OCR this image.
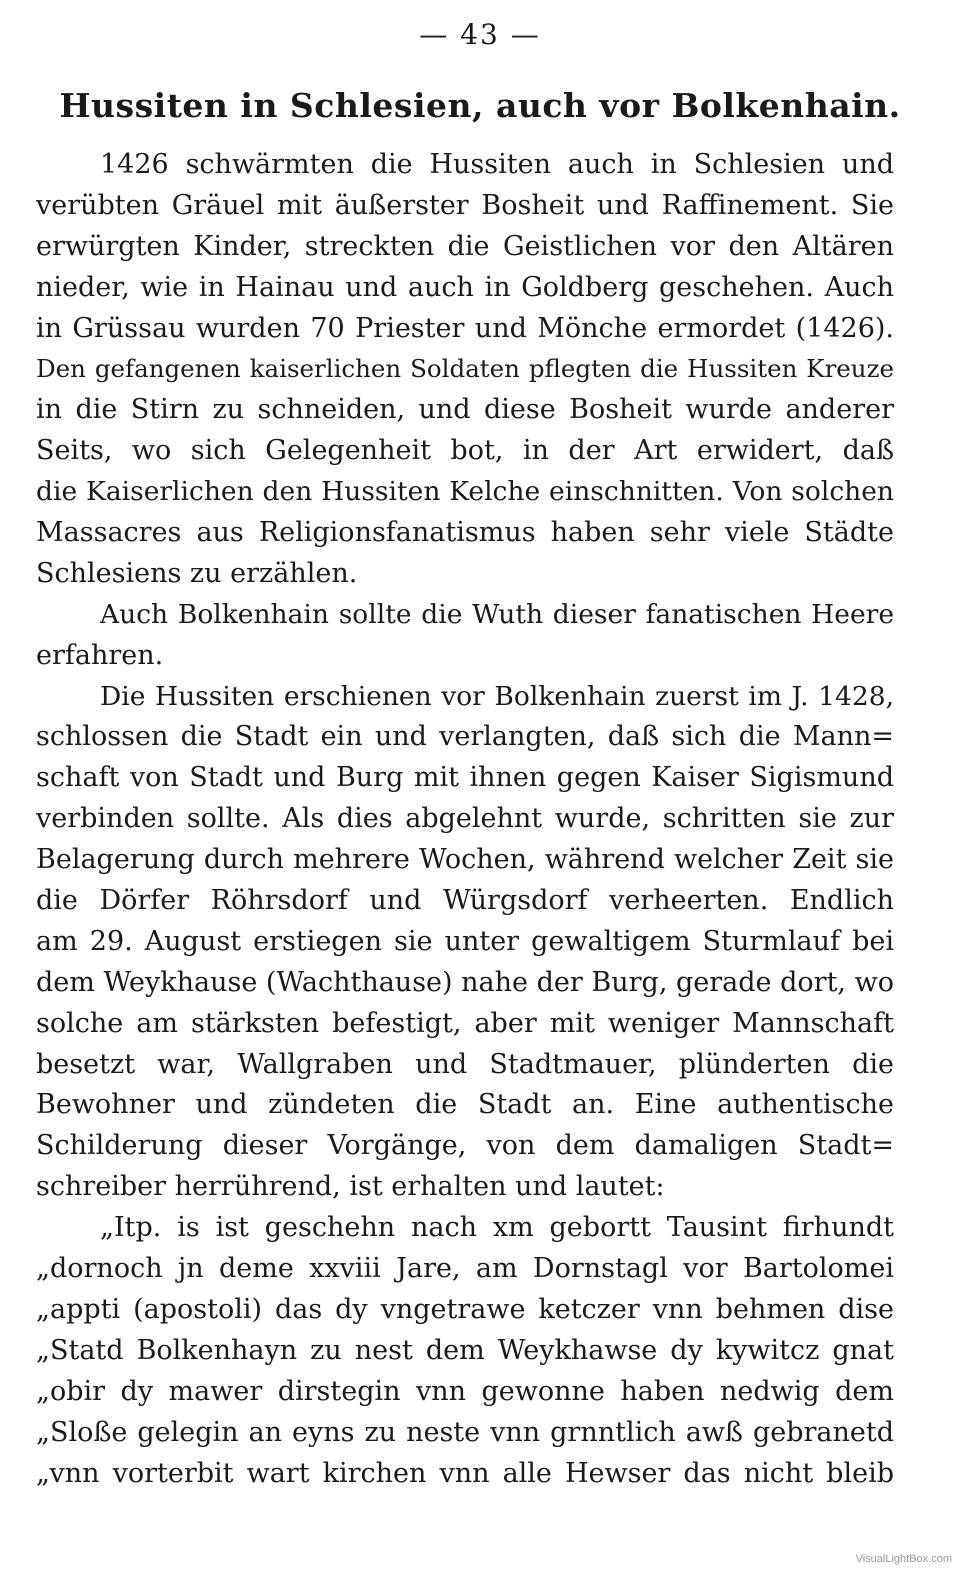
— 43 —
Hussiten in Schlesien, auch vor Bolkenhain.
1426 schwärmten die Hussiten auch in Schlesien und
verübten Gräuel mit äußerster Bosheit und Raffinement. Sie
erwürgten Kinder, streckten die Geistlichen vor den Altären
nieder, wie in Hainau und auch in Goldberg geschehen. Auch
in Grüssau wurden 70 Priester und Mönche ermordet (1426).
Den gefangenen kaiserlichen Soldaten pflegten die Hussiten Kreuze
in die Stirn zu schneiden, und diese Bosheit wurde anderer
Seits, wo sich Gelegenheit bot, in der Art erwidert, daß
die Kaiserlichen den Hussiten Kelche einschnitten. Von solchen
Massacres aus Religionsfanatismus haben sehr viele Städte
Schlesiens zu erzählen.
Auch Bolkenhain sollte die Wuth dieser fanatischen Heere
erfahren.
Die Hussiten erschienen vor Bolkenhain zuerst im J. 1428,
schlossen die Stadt ein und verlangten, daß sich die Mann=
schaft von Stadt und Burg mit ihnen gegen Kaiser Sigismund
verbinden sollte. Als dies abgelehnt wurde, schritten sie zur
Belagerung durch mehrere Wochen, während welcher Zeit sie
die Dörfer Röhrsdorf und Würgsdorf verheerten. Endlich
am 29. August erstiegen sie unter gewaltigem Sturmlauf bei
dem Weykhause (Wachthause) nahe der Burg, gerade dort, wo
solche am stärksten befestigt, aber mit weniger Mannschaft
besetzt war, Wallgraben und Stadtmauer, plünderten die
Bewohner und zündeten die Stadt an. Eine authentische
Schilderung dieser Vorgänge, von dem damaligen Stadt=
schreiber herrührend, ist erhalten und lautet:
„Itp. is ist geschehn nach xm gebortt Tausint firhundt
„dornoch jn deme xxviii Jare, am Dornstagl vor Bartolomei
„appti (apostoli) das dy vngetrawe ketczer vnn behmen dise
„Statd Bolkenhayn zu nest dem Weykhawse dy kywitcz gnat
„obir dy mawer dirstegin vnn gewonne haben nedwig dem
„Sloße gelegin an eyns zu neste vnn grnntlich awß gebranetd
„vnn vorterbit wart kirchen vnn alle Hewser das nicht bleib
VisualLightBox.com
